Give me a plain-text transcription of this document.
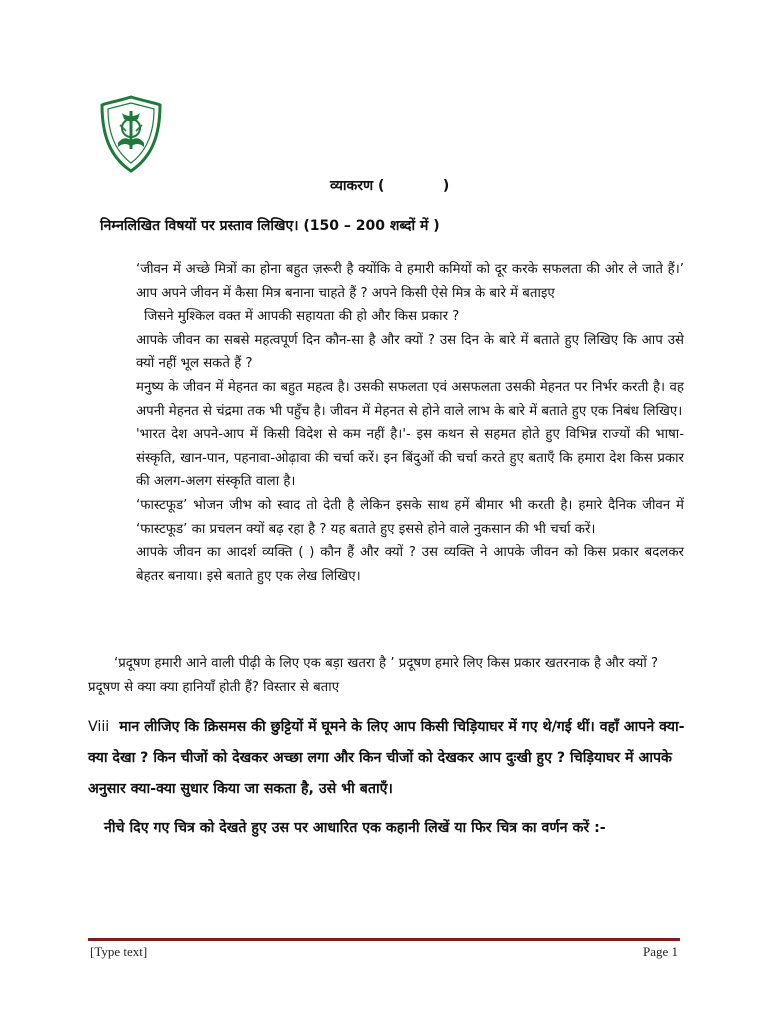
व्याकरण (            )
निम्नलिखित विषयों पर प्रस्ताव लिखिए। (150 – 200 शब्दों में )

‘जीवन में अच्छे मित्रों का होना बहुत ज़रूरी है क्योंकि वे हमारी कमियों को दूर करके सफलता की ओर ले जाते हैं।’ आप अपने जीवन में कैसा मित्र बनाना चाहते हैं ? अपने किसी ऐसे मित्र के बारे में बताइए

जिसने मुश्किल वक्त में आपकी सहायता की हो और किस प्रकार ?

आपके जीवन का सबसे महत्वपूर्ण दिन कौन-सा है और क्यों ? उस दिन के बारे में बताते हुए लिखिए कि आप उसे क्यों नहीं भूल सकते हैं ?

मनुष्य के जीवन में मेहनत का बहुत महत्व है। उसकी सफलता एवं असफलता उसकी मेहनत पर निर्भर करती है। वह अपनी मेहनत से चंद्रमा तक भी पहुँच है। जीवन में मेहनत से होने वाले लाभ के बारे में बताते हुए एक निबंध लिखिए।

'भारत देश अपने-आप में किसी विदेश से कम नहीं है।'- इस कथन से सहमत होते हुए विभिन्न राज्यों की भाषा-संस्कृति, खान-पान, पहनावा-ओढ़ावा की चर्चा करें। इन बिंदुओं की चर्चा करते हुए बताएँ कि हमारा देश किस प्रकार की अलग-अलग संस्कृति वाला है।

‘फास्टफूड’ भोजन जीभ को स्वाद तो देती है लेकिन इसके साथ हमें बीमार भी करती है। हमारे दैनिक जीवन में ‘फास्टफूड’ का प्रचलन क्यों बढ़ रहा है ? यह बताते हुए इससे होने वाले नुकसान की भी चर्चा करें।

आपके जीवन का आदर्श व्यक्ति ( ) कौन हैं और क्यों ? उस व्यक्ति ने आपके जीवन को किस प्रकार बदलकर बेहतर बनाया। इसे बताते हुए एक लेख लिखिए।

‘प्रदूषण हमारी आने वाली पीढ़ी के लिए एक बड़ा खतरा है ’ प्रदूषण हमारे लिए किस प्रकार खतरनाक है और क्यों ? प्रदूषण से क्या क्या हानियाँ होती हैं? विस्तार से बताए

Viii मान लीजिए कि क्रिसमस की छुट्टियों में घूमने के लिए आप किसी चिड़ियाघर में गए थे/गई थीं। वहाँ आपने क्या-क्या देखा ? किन चीजों को देखकर अच्छा लगा और किन चीजों को देखकर आप दुःखी हुए ? चिड़ियाघर में आपके अनुसार क्या-क्या सुधार किया जा सकता है, उसे भी बताएँ।

नीचे दिए गए चित्र को देखते हुए उस पर आधारित एक कहानी लिखें या फिर चित्र का वर्णन करें :-

[Type text]	Page 1
